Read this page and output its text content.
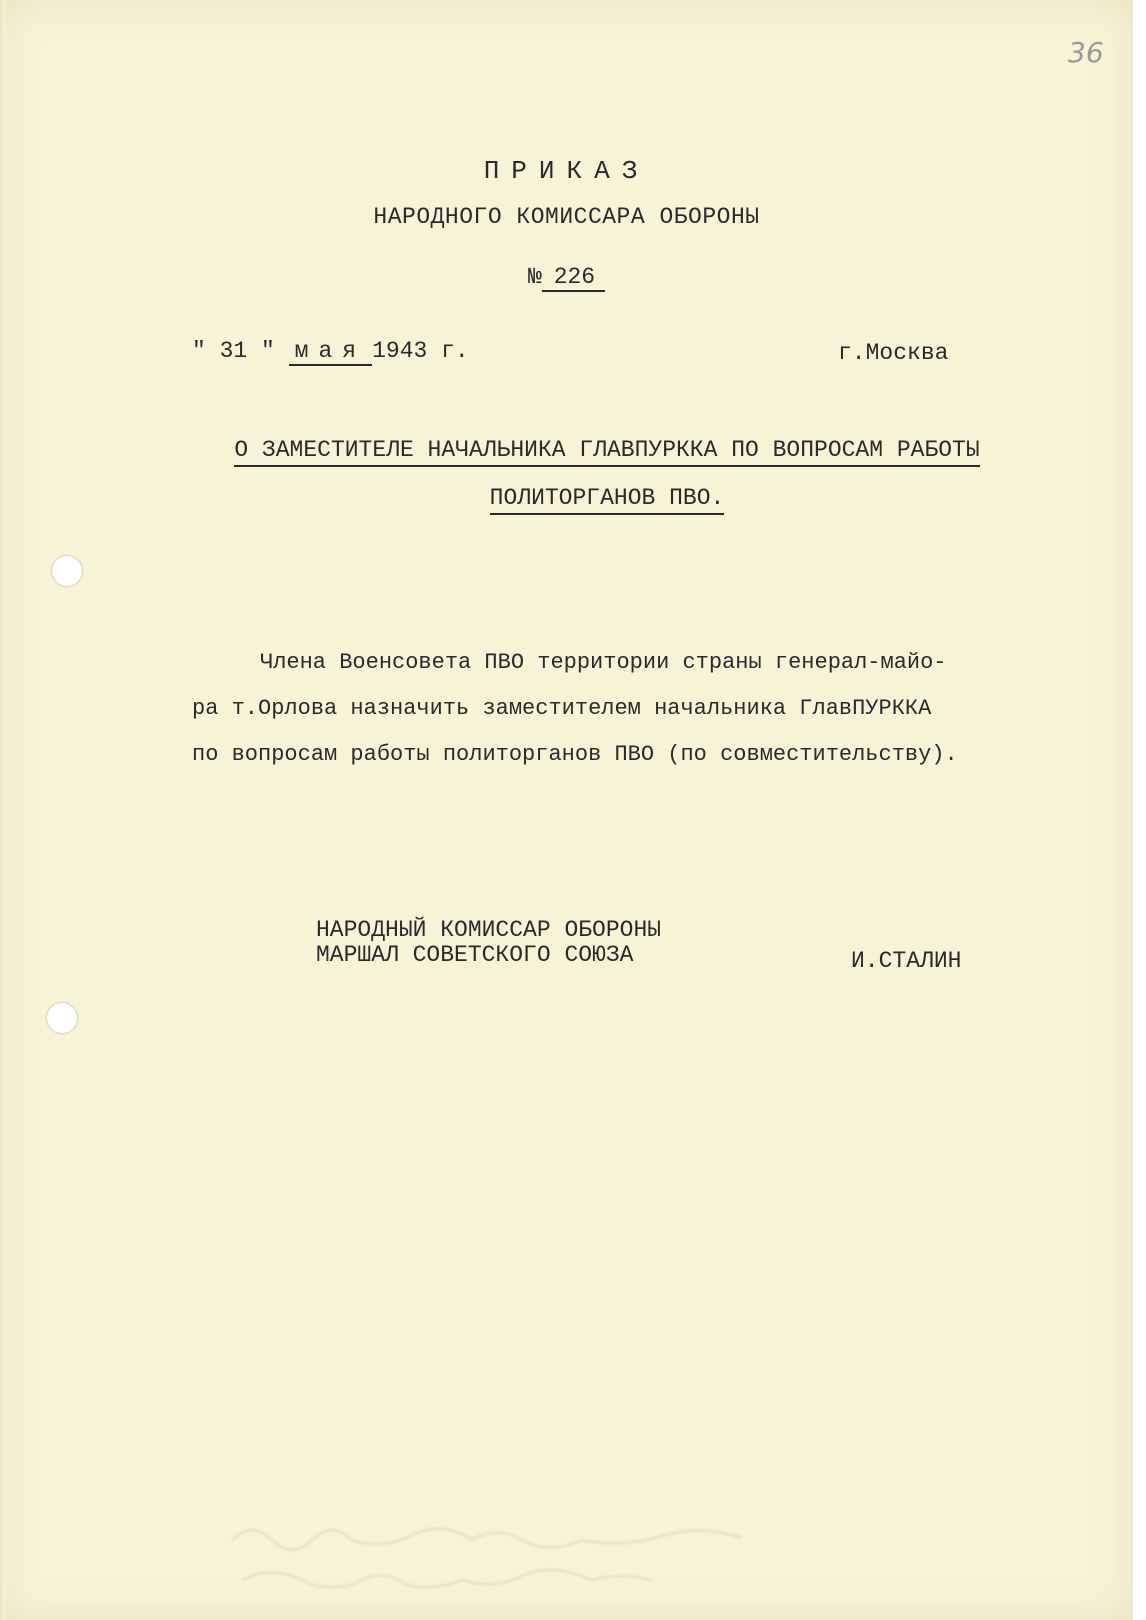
36
ПРИКАЗ
НАРОДНОГО КОМИССАРА ОБОРОНЫ
№ 226
" 31 " мая 1943 г.	г.Москва
О ЗАМЕСТИТЕЛЕ НАЧАЛЬНИКА ГЛАВПУРККА ПО ВОПРОСАМ РАБОТЫ
ПОЛИТОРГАНОВ ПВО.

Члена Военсовета ПВО территории страны генерал-майо-

ра т.Орлова назначить заместителем начальника ГлавПУРККА

по вопросам работы политорганов ПВО (по совместительству).

НАРОДНЫЙ КОМИССАР ОБОРОНЫ
МАРШАЛ СОВЕТСКОГО СОЮЗА	И.СТАЛИН
